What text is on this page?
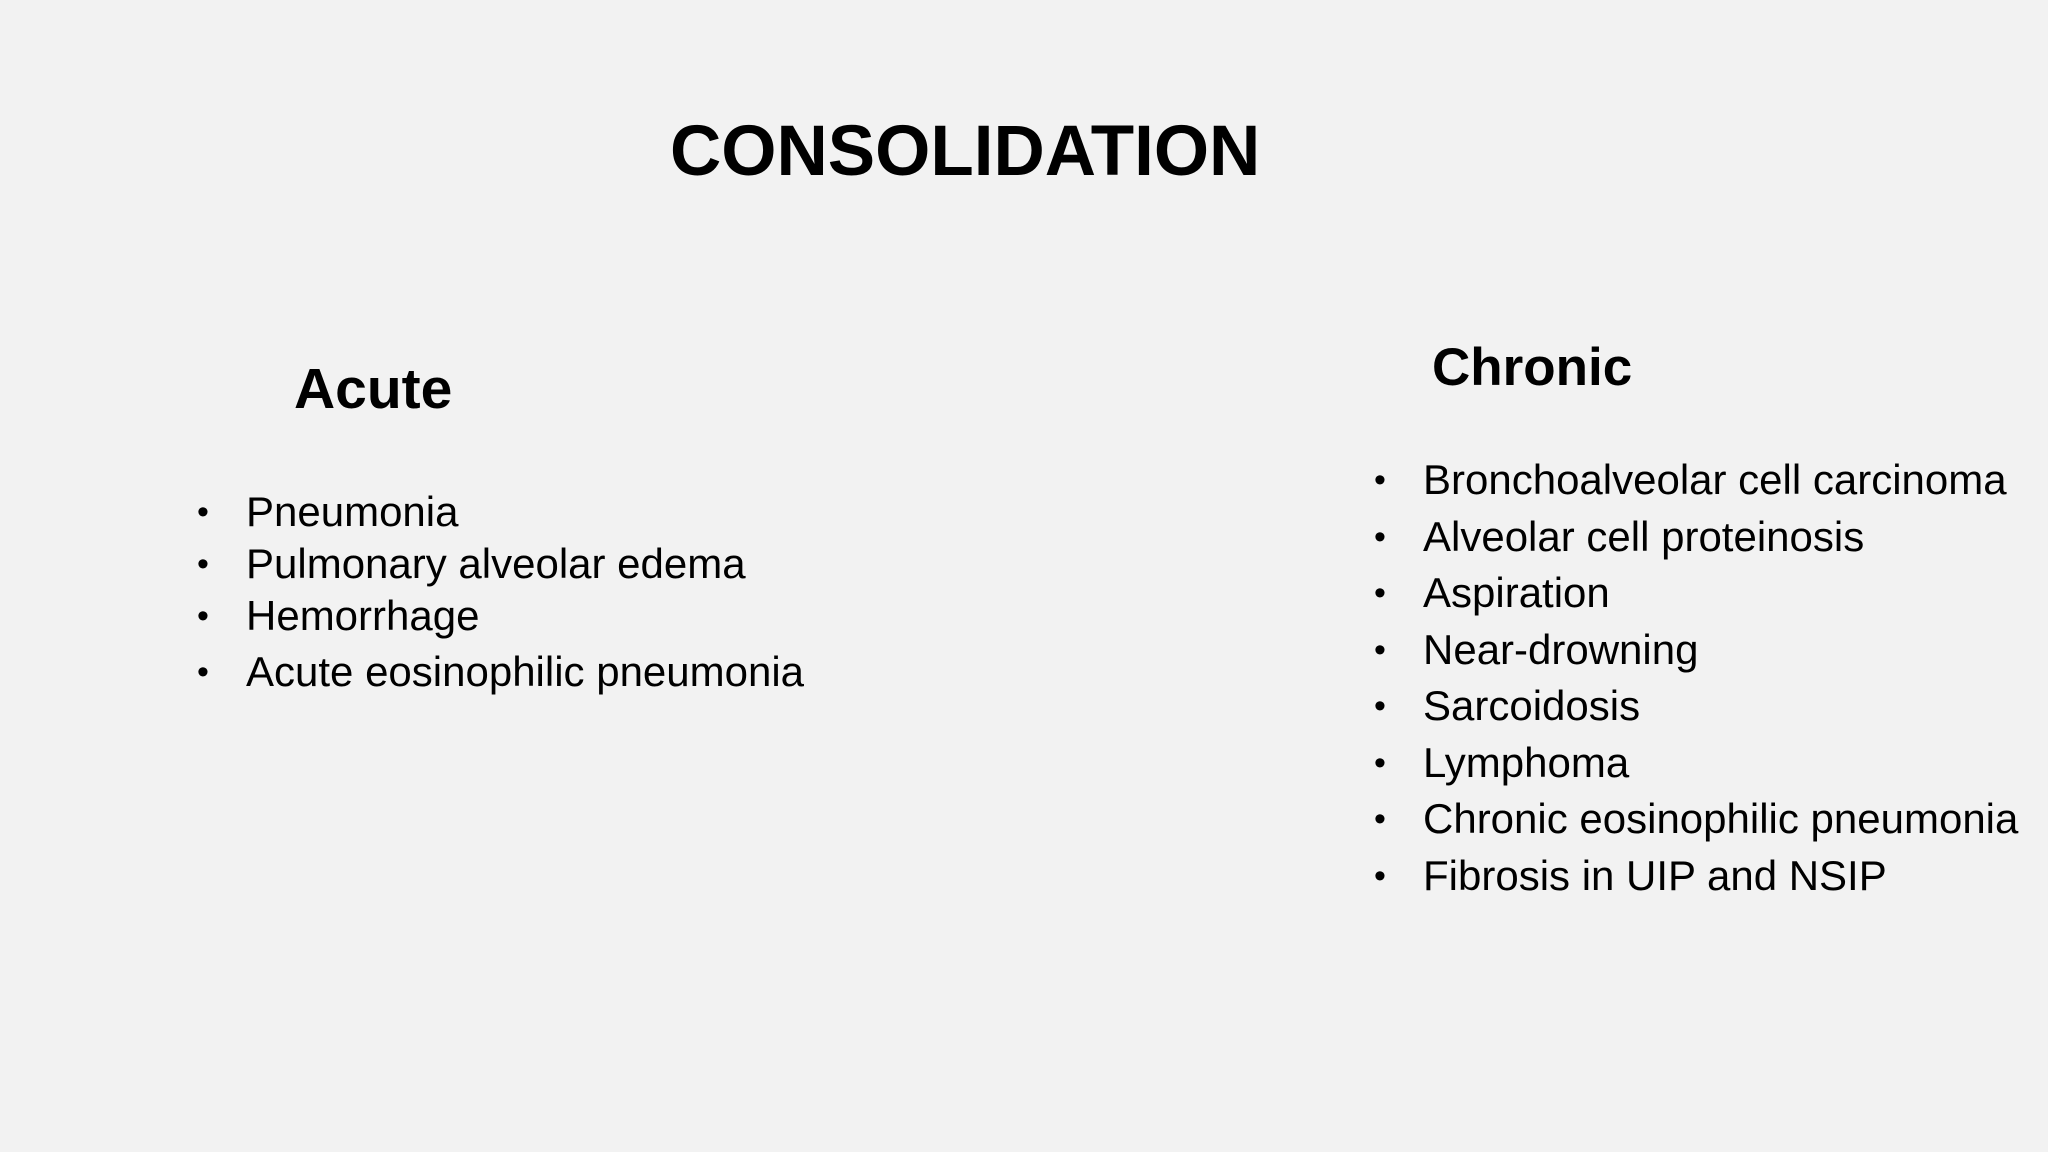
CONSOLIDATION
Acute
• Pneumonia
• Pulmonary alveolar edema
• Hemorrhage
• Acute eosinophilic pneumonia
Chronic
• Bronchoalveolar cell carcinoma
• Alveolar cell proteinosis
• Aspiration
• Near-drowning
• Sarcoidosis
• Lymphoma
• Chronic eosinophilic pneumonia
• Fibrosis in UIP and NSIP
